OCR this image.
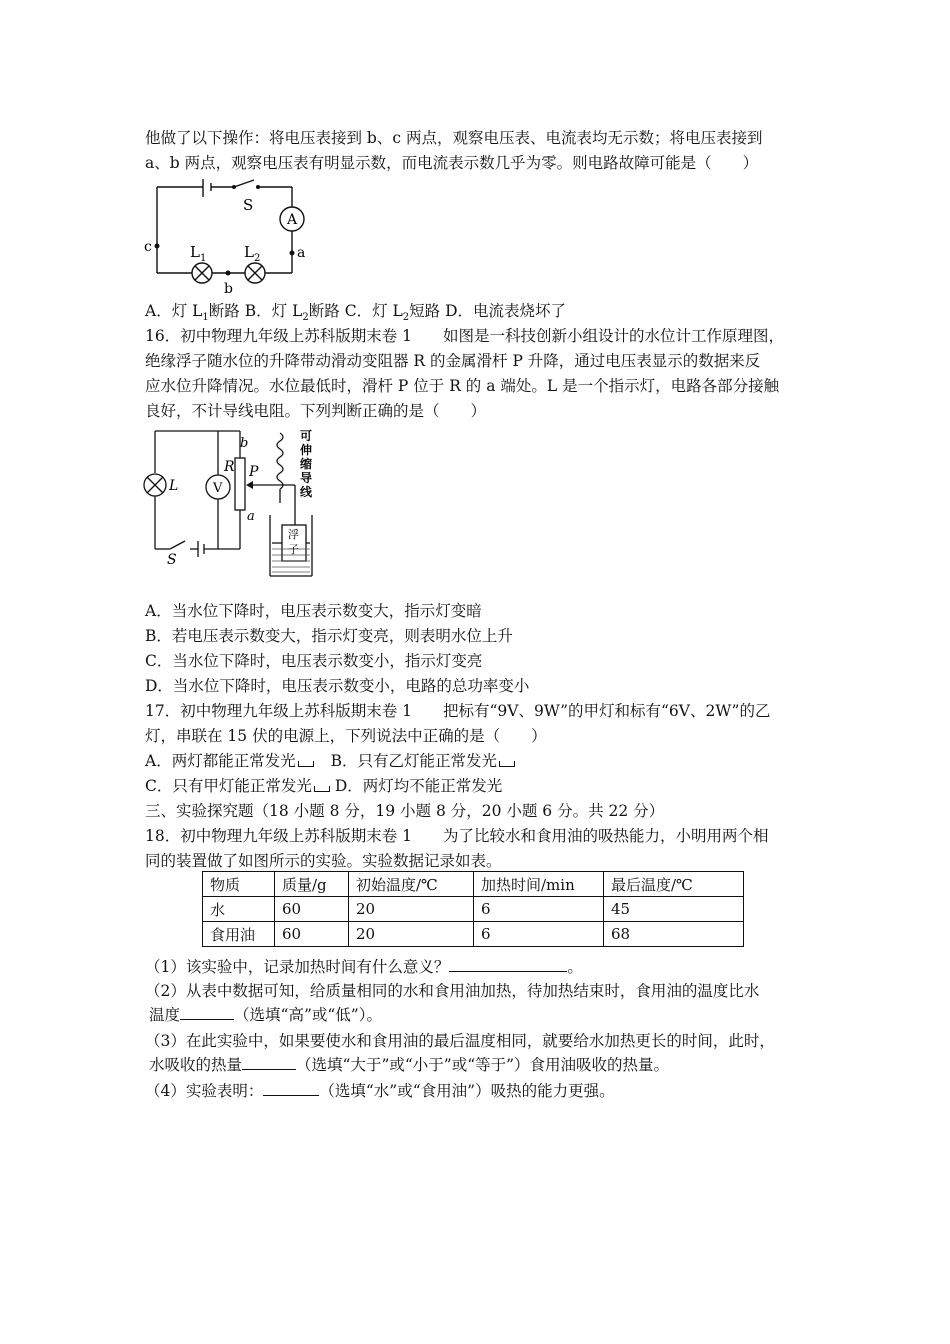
他做了以下操作：将电压表接到 b、c 两点，观察电压表、电流表均无示数；将电压表接到
a、b 两点，观察电压表有明显示数，而电流表示数几乎为零。则电路故障可能是（　　）
S
A
$L_1$	$L_2$	a
b
c
A．灯 $L_1$断路 B．灯 $L_2$断路 C．灯 $L_2$短路 D．电流表烧坏了
16．初中物理九年级上苏科版期末卷 1　　如图是一科技创新小组设计的水位计工作原理图，
绝缘浮子随水位的升降带动滑动变阻器 R 的金属滑杆 P 升降，通过电压表显示的数据来反
应水位升降情况。水位最低时，滑杆 P 位于 R 的 a 端处。L 是一个指示灯，电路各部分接触
良好，不计导线电阻。下列判断正确的是（　　）
L	V
R P
b
a
S
可
伸
缩
导
线
浮
子
A．当水位下降时，电压表示数变大，指示灯变暗
B．若电压表示数变大，指示灯变亮，则表明水位上升
C．当水位下降时，电压表示数变小，指示灯变亮
D．当水位下降时，电压表示数变小，电路的总功率变小
17．初中物理九年级上苏科版期末卷 1　　把标有“9V、9W”的甲灯和标有“6V、2W”的乙
灯，串联在 15 伏的电源上，下列说法中正确的是（　　）
A．两灯都能正常发光 B．只有乙灯能正常发光
C．只有甲灯能正常发光 D．两灯均不能正常发光
三、实验探究题（18 小题 8 分，19 小题 8 分，20 小题 6 分。共 22 分）
18．初中物理九年级上苏科版期末卷 1　　为了比较水和食用油的吸热能力，小明用两个相
同的装置做了如图所示的实验。实验数据记录如表。
物质	质量/g	初始温度/℃	加热时间/min	最后温度/℃
水	60	20	6	45
食用油	60	20	6	68
（1）该实验中，记录加热时间有什么意义？	。
（2）从表中数据可知，给质量相同的水和食用油加热，待加热结束时，食用油的温度比水
温度	（选填“高”或“低”）。
（3）在此实验中，如果要使水和食用油的最后温度相同，就要给水加热更长的时间，此时，
水吸收的热量	（选填“大于”或“小于”或“等于”）食用油吸收的热量。
（4）实验表明：	（选填“水”或“食用油”）吸热的能力更强。
